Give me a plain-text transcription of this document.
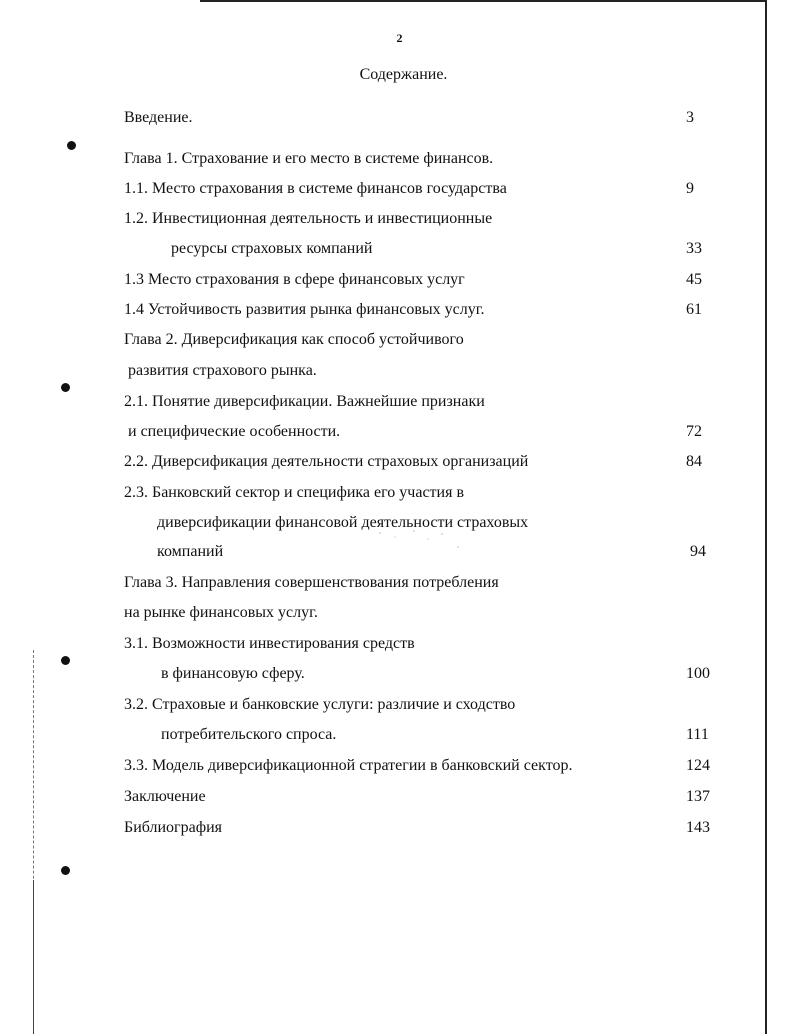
2
Содержание.
Введение.	3
Глава 1. Страхование и его место в системе финансов.
1.1. Место страхования в системе финансов государства	9
1.2. Инвестиционная деятельность и инвестиционные
ресурсы страховых компаний	33
1.3 Место страхования в сфере финансовых услуг	45
1.4 Устойчивость развития рынка финансовых услуг.	61
Глава 2. Диверсификация как способ устойчивого
развития страхового рынка.
2.1. Понятие диверсификации. Важнейшие признаки
и специфические особенности.	72
2.2. Диверсификация деятельности страховых организаций	84
2.3. Банковский сектор и специфика его участия в
диверсификации финансовой деятельности страховых
компаний	94
Глава 3. Направления совершенствования потребления
на рынке финансовых услуг.
3.1. Возможности инвестирования средств
в финансовую сферу.	100
3.2. Страховые и банковские услуги: различие и сходство
потребительского спроса.	111
3.3. Модель диверсификационной стратегии в банковский сектор.	124
Заключение	137
Библиография	143
